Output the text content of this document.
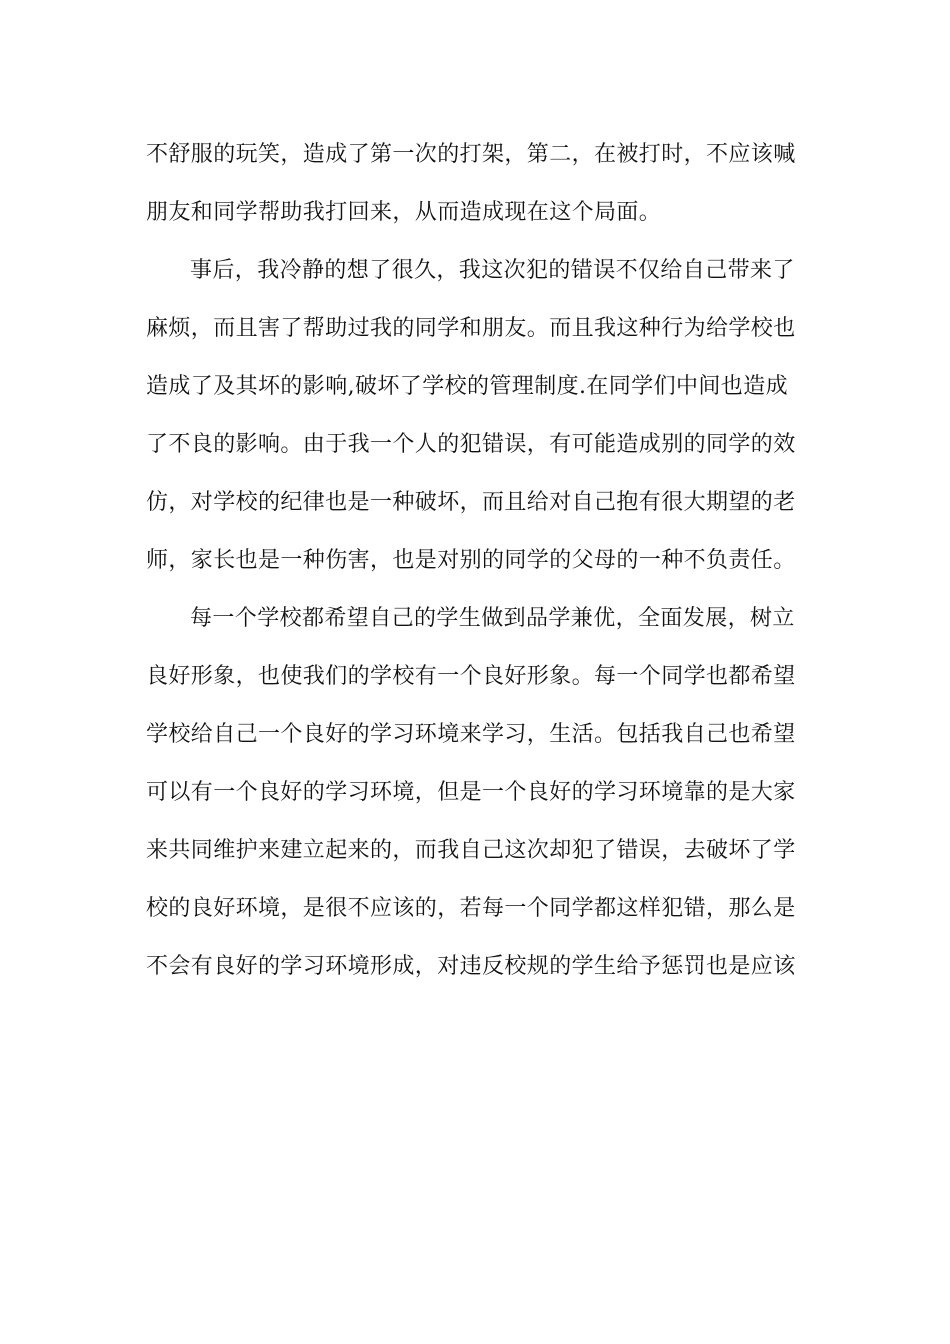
不舒服的玩笑，造成了第一次的打架，第二，在被打时，不应该喊
朋友和同学帮助我打回来，从而造成现在这个局面。
事后，我冷静的想了很久，我这次犯的错误不仅给自己带来了
麻烦，而且害了帮助过我的同学和朋友。而且我这种行为给学校也
造成了及其坏的影响,破坏了学校的管理制度.在同学们中间也造成
了不良的影响。由于我一个人的犯错误，有可能造成别的同学的效
仿，对学校的纪律也是一种破坏，而且给对自己抱有很大期望的老
师，家长也是一种伤害，也是对别的同学的父母的一种不负责任。
每一个学校都希望自己的学生做到品学兼优，全面发展，树立
良好形象，也使我们的学校有一个良好形象。每一个同学也都希望
学校给自己一个良好的学习环境来学习，生活。包括我自己也希望
可以有一个良好的学习环境，但是一个良好的学习环境靠的是大家
来共同维护来建立起来的，而我自己这次却犯了错误，去破坏了学
校的良好环境，是很不应该的，若每一个同学都这样犯错，那么是
不会有良好的学习环境形成，对违反校规的学生给予惩罚也是应该
